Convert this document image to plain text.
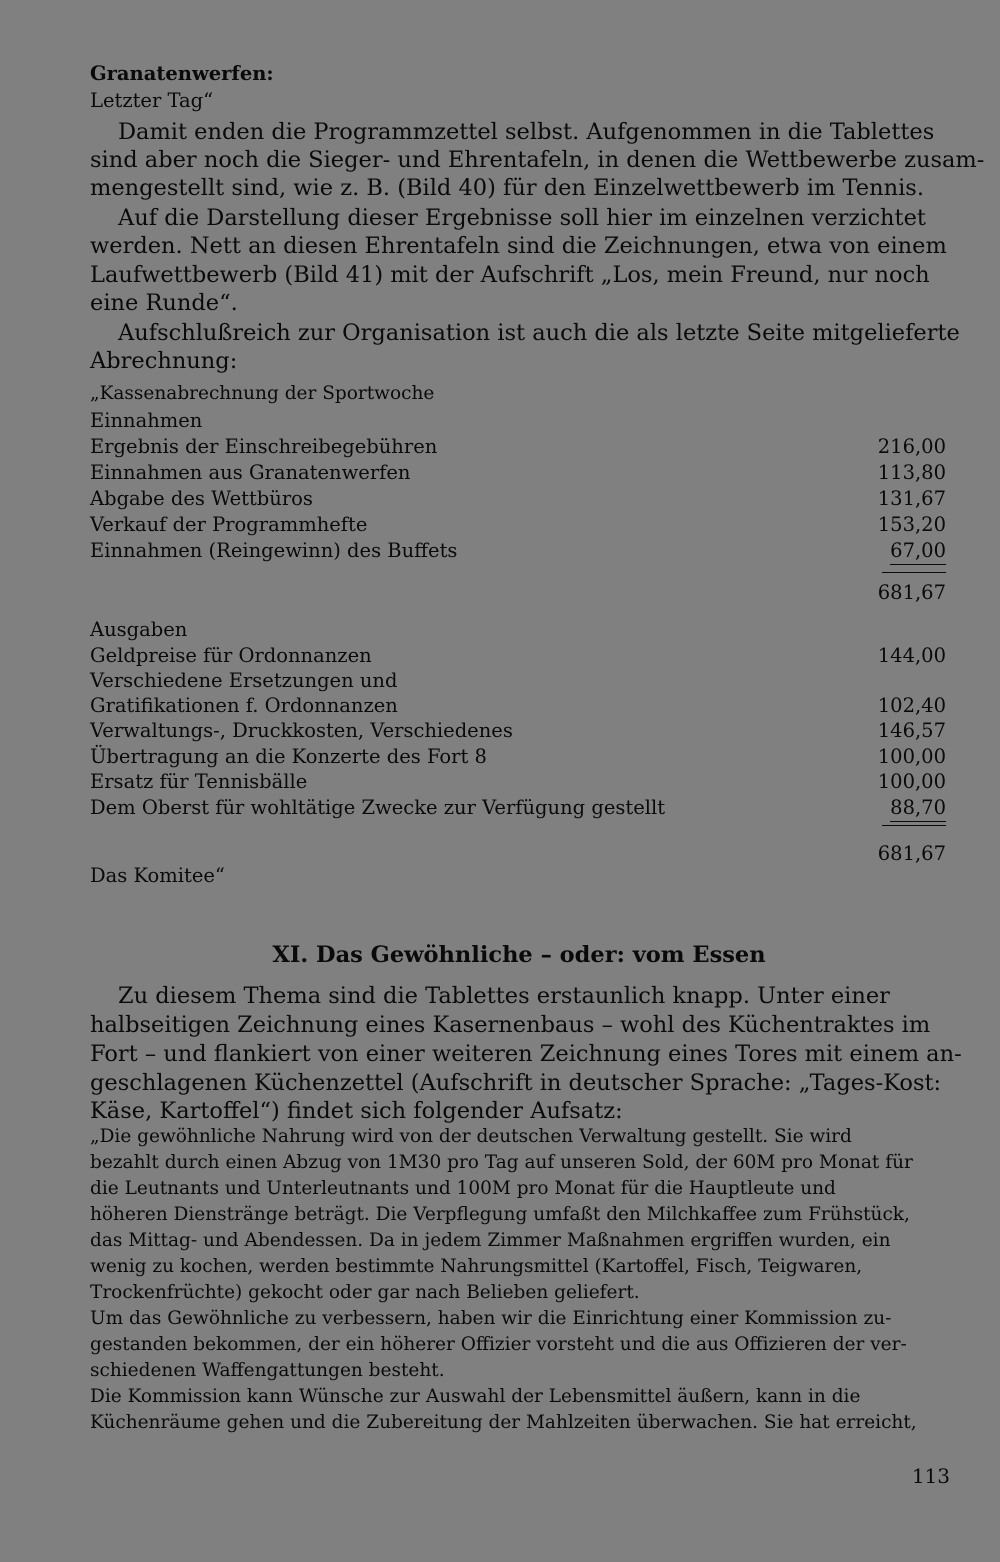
Granatenwerfen:
Letzter Tag“
Damit enden die Programmzettel selbst. Aufgenommen in die Tablettes
sind aber noch die Sieger- und Ehrentafeln, in denen die Wettbewerbe zusam-
mengestellt sind, wie z. B. (Bild 40) für den Einzelwettbewerb im Tennis.
Auf die Darstellung dieser Ergebnisse soll hier im einzelnen verzichtet
werden. Nett an diesen Ehrentafeln sind die Zeichnungen, etwa von einem
Laufwettbewerb (Bild 41) mit der Aufschrift „Los, mein Freund, nur noch
eine Runde“.
Aufschlußreich zur Organisation ist auch die als letzte Seite mitgelieferte
Abrechnung:
„Kassenabrechnung der Sportwoche
Einnahmen
Ergebnis der Einschreibegebühren	216,00
Einnahmen aus Granatenwerfen	113,80
Abgabe des Wettbüros	131,67
Verkauf der Programmhefte	153,20
Einnahmen (Reingewinn) des Buffets	67,00
681,67
Ausgaben
Geldpreise für Ordonnanzen	144,00
Verschiedene Ersetzungen und
Gratifikationen f. Ordonnanzen	102,40
Verwaltungs-, Druckkosten, Verschiedenes	146,57
Übertragung an die Konzerte des Fort 8	100,00
Ersatz für Tennisbälle	100,00
Dem Oberst für wohltätige Zwecke zur Verfügung gestellt	88,70
681,67
Das Komitee“
XI. Das Gewöhnliche – oder: vom Essen
Zu diesem Thema sind die Tablettes erstaunlich knapp. Unter einer
halbseitigen Zeichnung eines Kasernenbaus – wohl des Küchentraktes im
Fort – und flankiert von einer weiteren Zeichnung eines Tores mit einem an-
geschlagenen Küchenzettel (Aufschrift in deutscher Sprache: „Tages-Kost:
Käse, Kartoffel“) findet sich folgender Aufsatz:
„Die gewöhnliche Nahrung wird von der deutschen Verwaltung gestellt. Sie wird
bezahlt durch einen Abzug von 1M30 pro Tag auf unseren Sold, der 60M pro Monat für
die Leutnants und Unterleutnants und 100M pro Monat für die Hauptleute und
höheren Dienstränge beträgt. Die Verpflegung umfaßt den Milchkaffee zum Frühstück,
das Mittag- und Abendessen. Da in jedem Zimmer Maßnahmen ergriffen wurden, ein
wenig zu kochen, werden bestimmte Nahrungsmittel (Kartoffel, Fisch, Teigwaren,
Trockenfrüchte) gekocht oder gar nach Belieben geliefert.
Um das Gewöhnliche zu verbessern, haben wir die Einrichtung einer Kommission zu-
gestanden bekommen, der ein höherer Offizier vorsteht und die aus Offizieren der ver-
schiedenen Waffengattungen besteht.
Die Kommission kann Wünsche zur Auswahl der Lebensmittel äußern, kann in die
Küchenräume gehen und die Zubereitung der Mahlzeiten überwachen. Sie hat erreicht,
113
